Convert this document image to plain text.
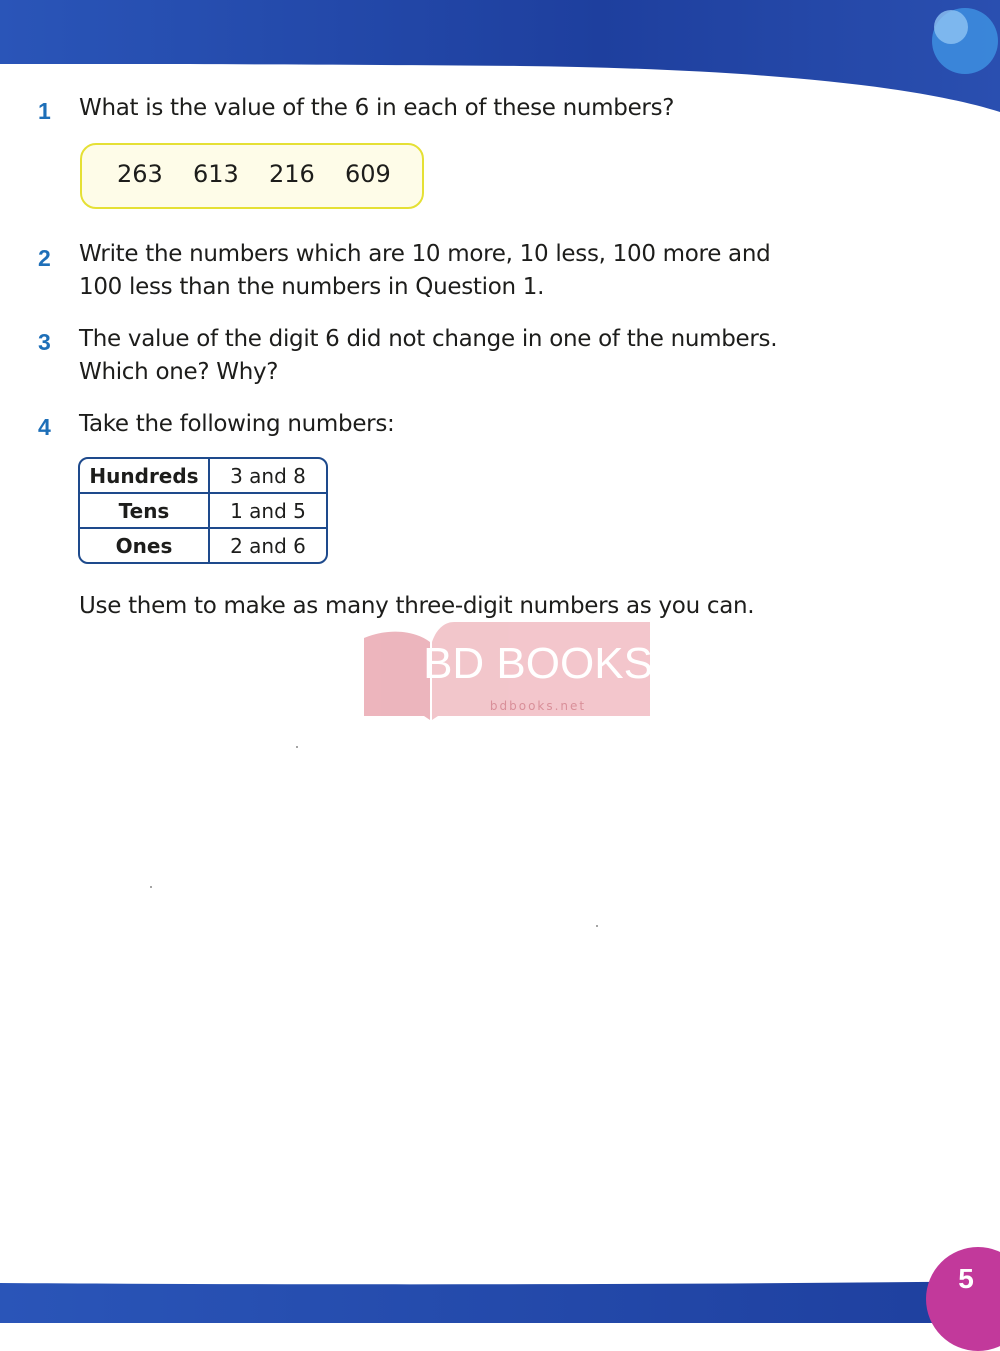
1	What is the value of the 6 in each of these numbers?
263 613 216 609
2	Write the numbers which are 10 more, 10 less, 100 more and
100 less than the numbers in Question 1.
3	The value of the digit 6 did not change in one of the numbers.
Which one? Why?
4	Take the following numbers:
Hundreds	3 and 8
Tens	1 and 5
Ones	2 and 6
Use them to make as many three-digit numbers as you can.
BD BOOKS
bdbooks.net
5
